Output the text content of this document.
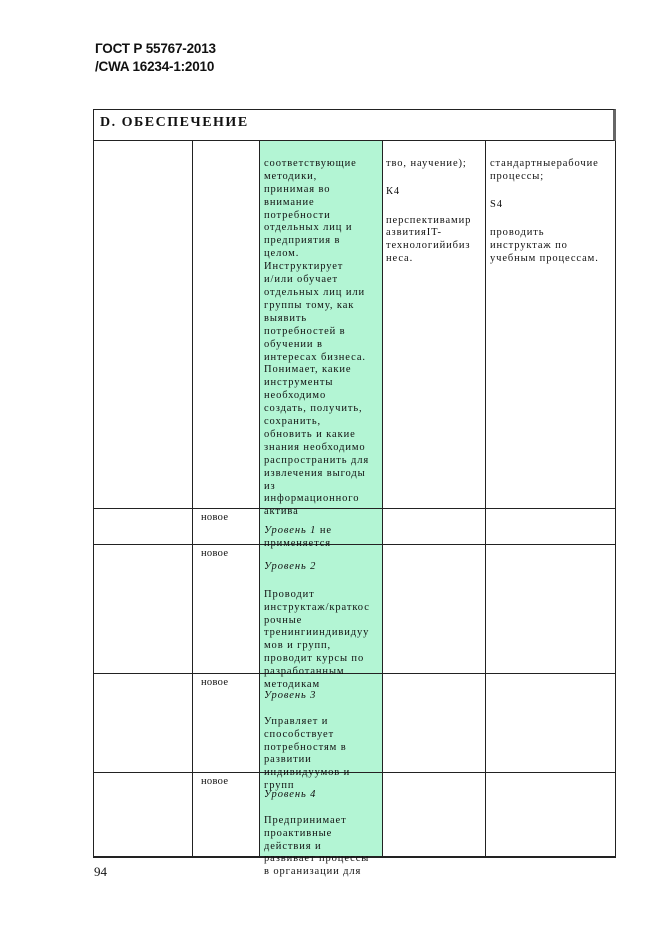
ГОСТ Р 55767-2013
/CWA 16234-1:2010
D. ОБЕСПЕЧЕНИЕ

соответствующие
методики,
принимая во
внимание
потребности
отдельных лиц и
предприятия в
целом.
Инструктирует
и/или обучает
отдельных лиц или
группы тому, как
выявить
потребностей в
обучении в
интересах бизнеса.
Понимает, какие
инструменты
необходимо
создать, получить,
сохранить,
обновить и какие
знания необходимо
распространить для
извлечения выгоды
из
информационного
актива

тво, научение);

К4

перспективамир
азвитияIT-
технологийибиз
неса.

стандартныерабочие
процессы;

S4

проводить
инструктаж по
учебным процессам.

новое

Уровень 1 не
применяется

новое

Уровень 2

Проводит
инструктаж/краткос
рочные
тренингииндивидуу
мов и групп,
проводит курсы по
разработанным
методикам

новое

Уровень 3

Управляет и
способствует
потребностям в
развитии
индивидуумов и
групп

новое

Уровень 4

Предпринимает
проактивные
действия и
развивает процессы
в организации для

94
